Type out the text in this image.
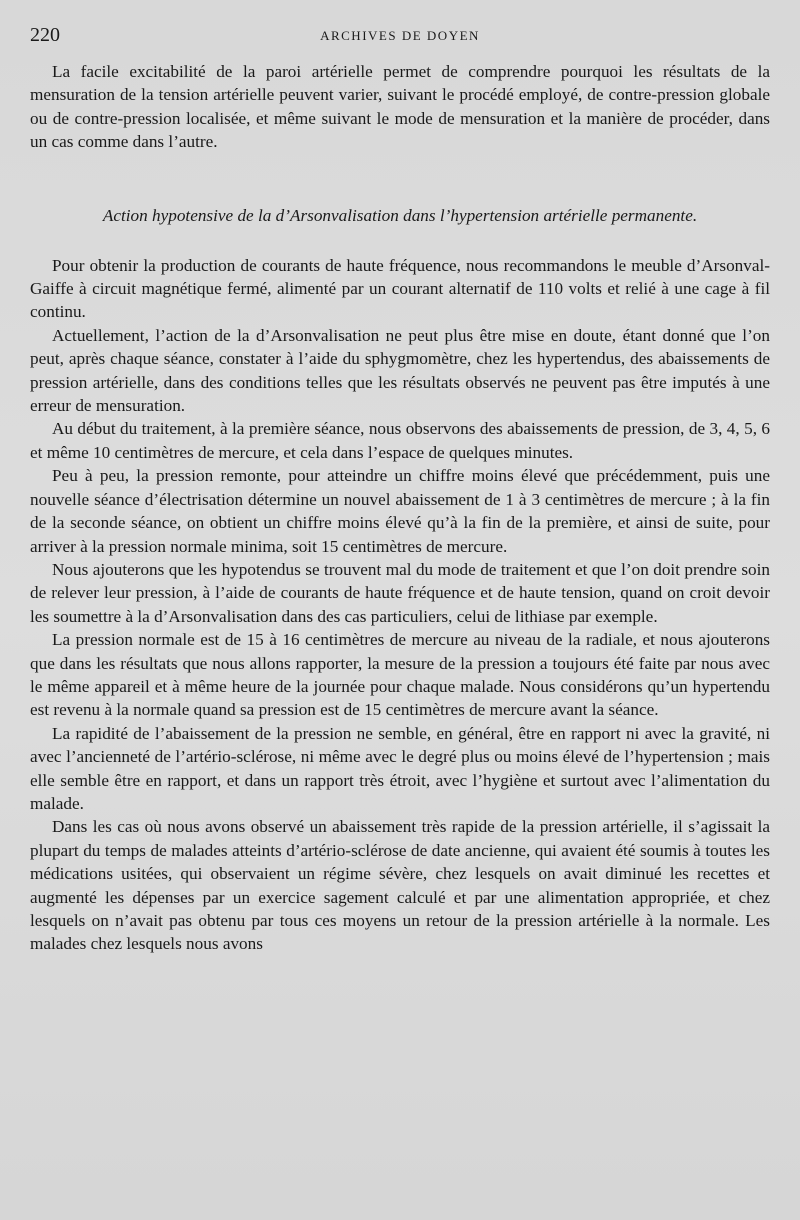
220	ARCHIVES DE DOYEN

La facile excitabilité de la paroi artérielle permet de comprendre pourquoi les résultats de la mensuration de la tension artérielle peuvent varier, suivant le procédé employé, de contre-pression globale ou de contre-pression localisée, et même suivant le mode de mensuration et la manière de procéder, dans un cas comme dans l’autre.

Action hypotensive de la d’Arsonvalisation dans l’hypertension artérielle permanente.

Pour obtenir la production de courants de haute fréquence, nous recommandons le meuble d’Arsonval-Gaiffe à circuit magnétique fermé, alimenté par un courant alternatif de 110 volts et relié à une cage à fil continu.

Actuellement, l’action de la d’Arsonvalisation ne peut plus être mise en doute, étant donné que l’on peut, après chaque séance, constater à l’aide du sphygmomètre, chez les hypertendus, des abaissements de pression artérielle, dans des conditions telles que les résultats observés ne peuvent pas être imputés à une erreur de mensuration.

Au début du traitement, à la première séance, nous observons des abaissements de pression, de 3, 4, 5, 6 et même 10 centimètres de mercure, et cela dans l’espace de quelques minutes.

Peu à peu, la pression remonte, pour atteindre un chiffre moins élevé que précédemment, puis une nouvelle séance d’électrisation détermine un nouvel abaissement de 1 à 3 centimètres de mercure ; à la fin de la seconde séance, on obtient un chiffre moins élevé qu’à la fin de la première, et ainsi de suite, pour arriver à la pression normale minima, soit 15 centimètres de mercure.

Nous ajouterons que les hypotendus se trouvent mal du mode de traitement et que l’on doit prendre soin de relever leur pression, à l’aide de courants de haute fréquence et de haute tension, quand on croit devoir les soumettre à la d’Arsonvalisation dans des cas particuliers, celui de lithiase par exemple.

La pression normale est de 15 à 16 centimètres de mercure au niveau de la radiale, et nous ajouterons que dans les résultats que nous allons rapporter, la mesure de la pression a toujours été faite par nous avec le même appareil et à même heure de la journée pour chaque malade. Nous considérons qu’un hypertendu est revenu à la normale quand sa pression est de 15 centimètres de mercure avant la séance.

La rapidité de l’abaissement de la pression ne semble, en général, être en rapport ni avec la gravité, ni avec l’ancienneté de l’artério-sclérose, ni même avec le degré plus ou moins élevé de l’hypertension ; mais elle semble être en rapport, et dans un rapport très étroit, avec l’hygiène et surtout avec l’alimentation du malade.

Dans les cas où nous avons observé un abaissement très rapide de la pression artérielle, il s’agissait la plupart du temps de malades atteints d’artério-sclérose de date ancienne, qui avaient été soumis à toutes les médications usitées, qui observaient un régime sévère, chez lesquels on avait diminué les recettes et augmenté les dépenses par un exercice sagement calculé et par une alimentation appropriée, et chez lesquels on n’avait pas obtenu par tous ces moyens un retour de la pression artérielle à la normale. Les malades chez lesquels nous avons
